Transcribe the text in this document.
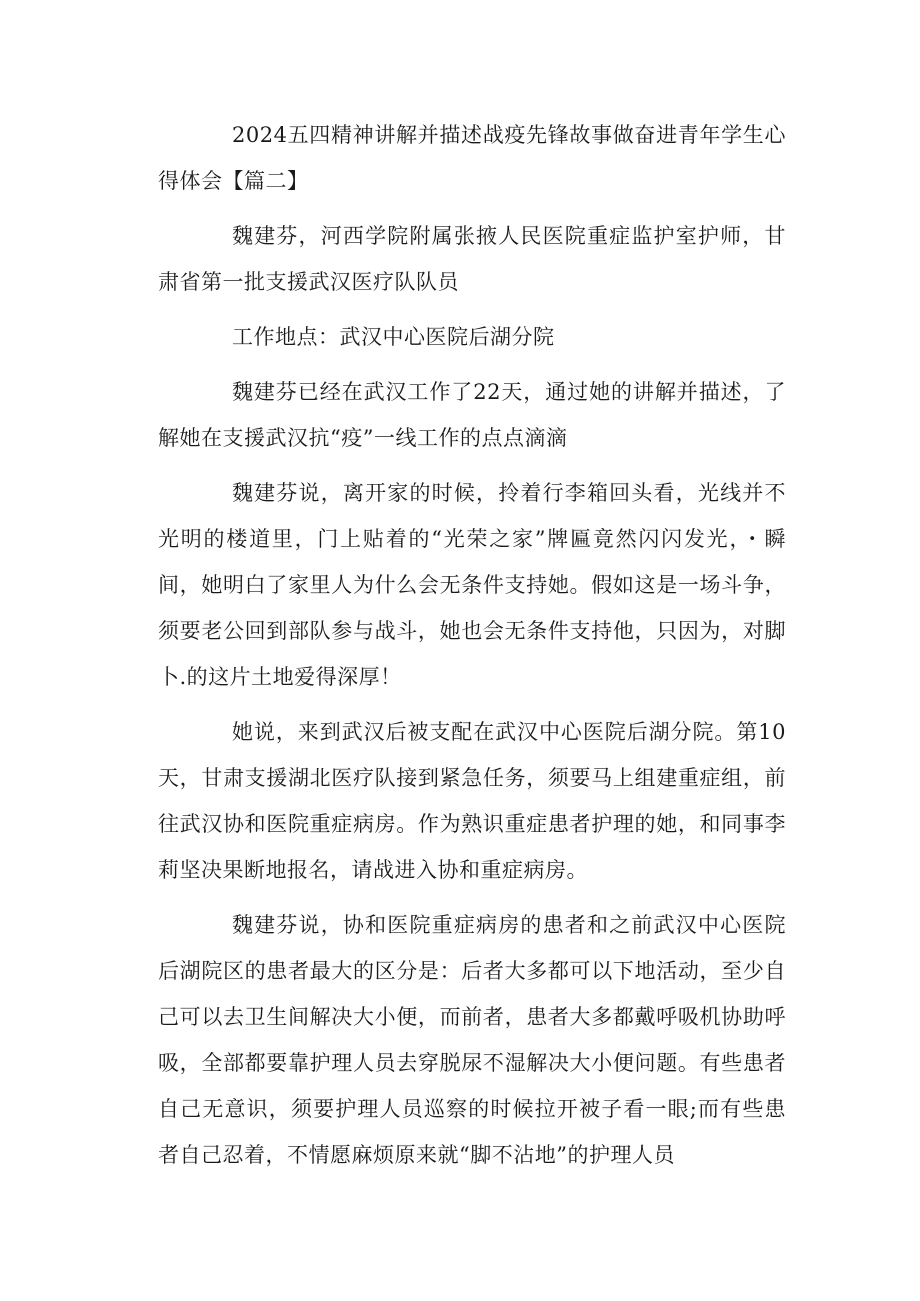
2024五四精神讲解并描述战疫先锋故事做奋进青年学生心得体会【篇二】

魏建芬，河西学院附属张掖人民医院重症监护室护师，甘肃省第一批支援武汉医疗队队员

工作地点：武汉中心医院后湖分院

魏建芬已经在武汉工作了22天，通过她的讲解并描述，了解她在支援武汉抗“疫”一线工作的点点滴滴

魏建芬说，离开家的时候，拎着行李箱回头看，光线并不光明的楼道里，门上贴着的“光荣之家”牌匾竟然闪闪发光，・瞬间，她明白了家里人为什么会无条件支持她。假如这是一场斗争，须要老公回到部队参与战斗，她也会无条件支持他，只因为，对脚卜.的这片土地爱得深厚！

她说，来到武汉后被支配在武汉中心医院后湖分院。第10天，甘肃支援湖北医疗队接到紧急任务，须要马上组建重症组，前往武汉协和医院重症病房。作为熟识重症患者护理的她，和同事李莉坚决果断地报名，请战进入协和重症病房。

魏建芬说，协和医院重症病房的患者和之前武汉中心医院后湖院区的患者最大的区分是：后者大多都可以下地活动，至少自己可以去卫生间解决大小便，而前者，患者大多都戴呼吸机协助呼吸，全部都要靠护理人员去穿脱尿不湿解决大小便问题。有些患者自己无意识，须要护理人员巡察的时候拉开被子看一眼;而有些患者自己忍着，不情愿麻烦原来就“脚不沾地”的护理人员
